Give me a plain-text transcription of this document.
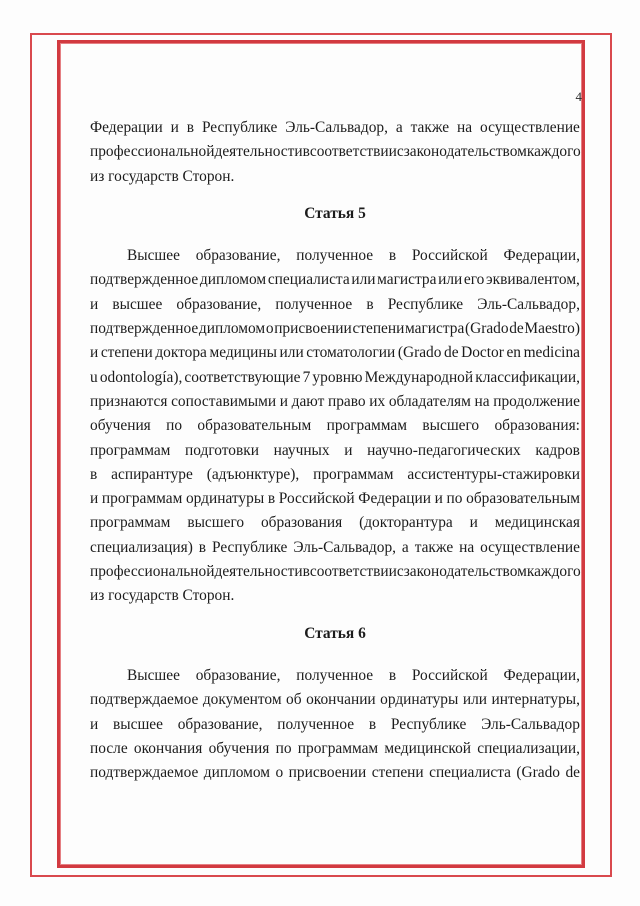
4
Федерации и в Республике Эль-Сальвадор, а также на осуществление
профессиональной деятельности в соответствии с законодательством каждого
из государств Сторон.
Статья 5
Высшее образование, полученное в Российской Федерации,
подтвержденное дипломом специалиста или магистра или его эквивалентом,
и высшее образование, полученное в Республике Эль-Сальвадор,
подтвержденное дипломом о присвоении степени магистра (Grado de Maestro)
и степени доктора медицины или стоматологии (Grado de Doctor en medicina
u odontología), соответствующие 7 уровню Международной классификации,
признаются сопоставимыми и дают право их обладателям на продолжение
обучения по образовательным программам высшего образования:
программам подготовки научных и научно-педагогических кадров
в аспирантуре (адъюнктуре), программам ассистентуры-стажировки
и программам ординатуры в Российской Федерации и по образовательным
программам высшего образования (докторантура и медицинская
специализация) в Республике Эль-Сальвадор, а также на осуществление
профессиональной деятельности в соответствии с законодательством каждого
из государств Сторон.
Статья 6
Высшее образование, полученное в Российской Федерации,
подтверждаемое документом об окончании ординатуры или интернатуры,
и высшее образование, полученное в Республике Эль-Сальвадор
после окончания обучения по программам медицинской специализации,
подтверждаемое дипломом о присвоении степени специалиста (Grado de
